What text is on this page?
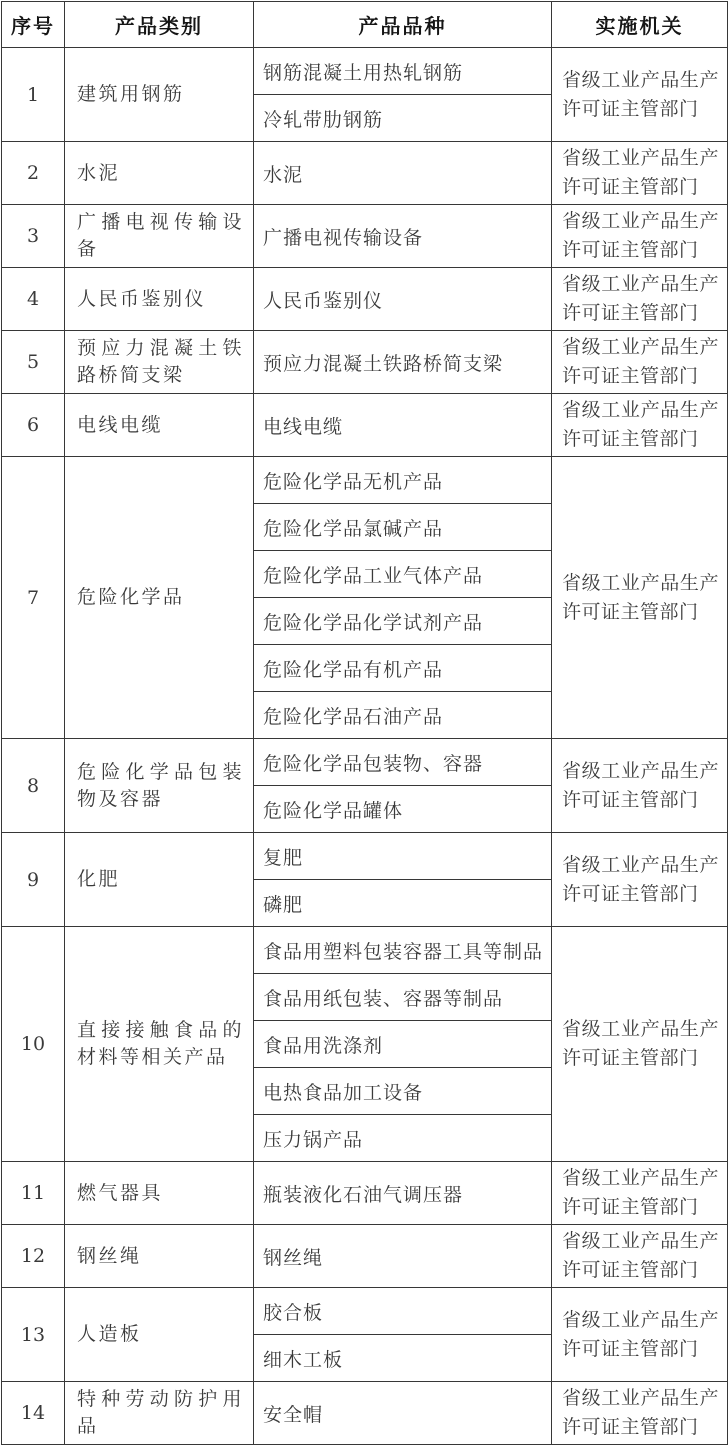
序号	产品类别	产品品种	实施机关
1	建筑用钢筋	钢筋混凝土用热轧钢筋	省级工业产品生产许可证主管部门
		冷轧带肋钢筋	
2	水泥	水泥	省级工业产品生产许可证主管部门
3	广播电视传输设备	广播电视传输设备	省级工业产品生产许可证主管部门
4	人民币鉴别仪	人民币鉴别仪	省级工业产品生产许可证主管部门
5	预应力混凝土铁路桥简支梁	预应力混凝土铁路桥简支梁	省级工业产品生产许可证主管部门
6	电线电缆	电线电缆	省级工业产品生产许可证主管部门
7	危险化学品	危险化学品无机产品	省级工业产品生产许可证主管部门
		危险化学品氯碱产品	
		危险化学品工业气体产品	
		危险化学品化学试剂产品	
		危险化学品有机产品	
		危险化学品石油产品	
8	危险化学品包装物及容器	危险化学品包装物、容器	省级工业产品生产许可证主管部门
		危险化学品罐体	
9	化肥	复肥	省级工业产品生产许可证主管部门
		磷肥	
10	直接接触食品的材料等相关产品	食品用塑料包装容器工具等制品	省级工业产品生产许可证主管部门
		食品用纸包装、容器等制品	
		食品用洗涤剂	
		电热食品加工设备	
		压力锅产品	
11	燃气器具	瓶装液化石油气调压器	省级工业产品生产许可证主管部门
12	钢丝绳	钢丝绳	省级工业产品生产许可证主管部门
13	人造板	胶合板	省级工业产品生产许可证主管部门
		细木工板	
14	特种劳动防护用品	安全帽	省级工业产品生产许可证主管部门
